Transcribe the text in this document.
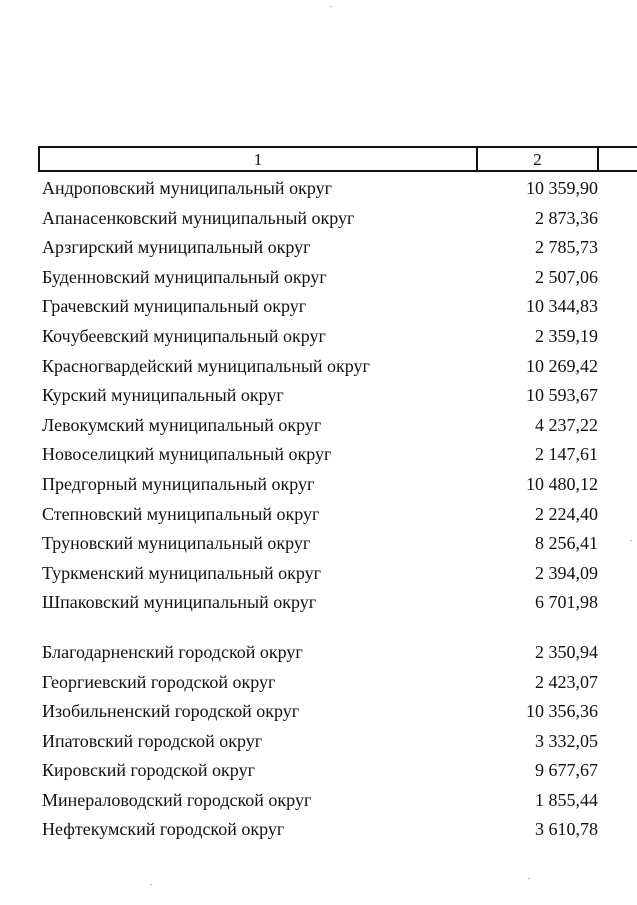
1	2
Андроповский муниципальный округ	10 359,90
Апанасенковский муниципальный округ	2 873,36
Арзгирский муниципальный округ	2 785,73
Буденновский муниципальный округ	2 507,06
Грачевский муниципальный округ	10 344,83
Кочубеевский муниципальный округ	2 359,19
Красногвардейский муниципальный округ	10 269,42
Курский муниципальный округ	10 593,67
Левокумский муниципальный округ	4 237,22
Новоселицкий муниципальный округ	2 147,61
Предгорный муниципальный округ	10 480,12
Степновский муниципальный округ	2 224,40
Труновский муниципальный округ	8 256,41
Туркменский муниципальный округ	2 394,09
Шпаковский муниципальный округ	6 701,98
Благодарненский городской округ	2 350,94
Георгиевский городской округ	2 423,07
Изобильненский городской округ	10 356,36
Ипатовский городской округ	3 332,05
Кировский городской округ	9 677,67
Минераловодский городской округ	1 855,44
Нефтекумский городской округ	3 610,78
